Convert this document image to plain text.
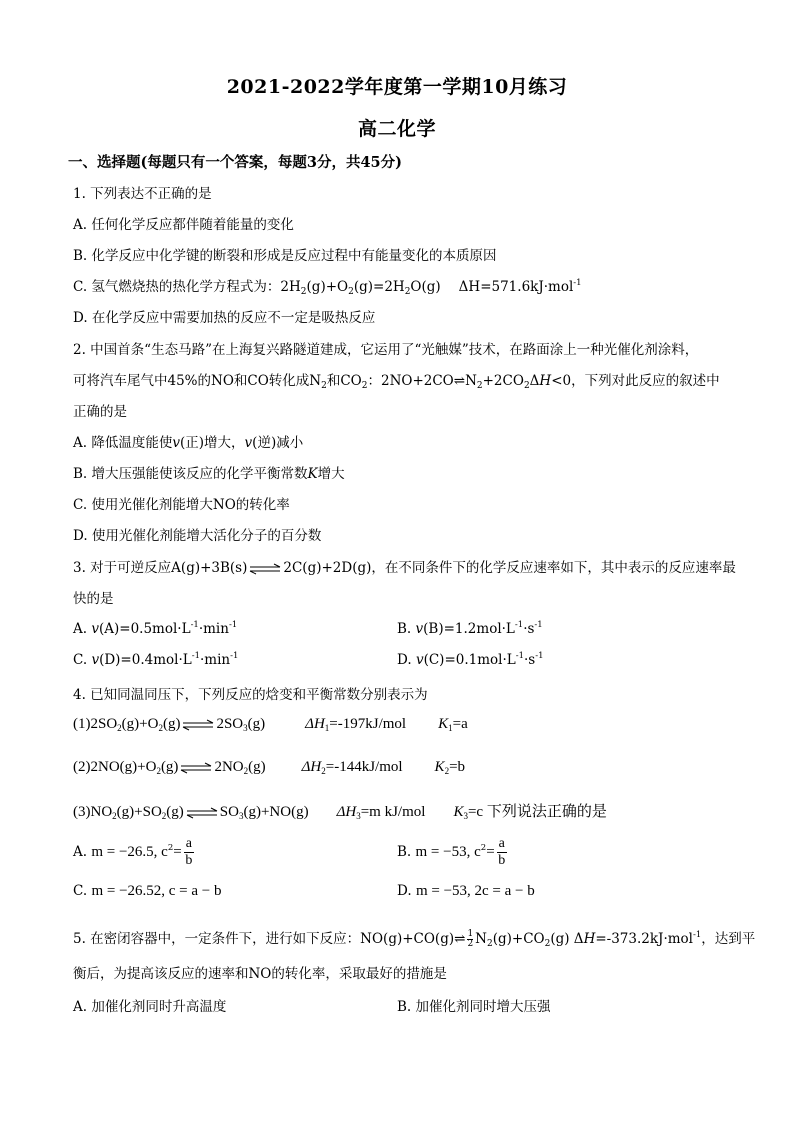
2021-2022学年度第一学期10月练习
高二化学
一、选择题(每题只有一个答案，每题3分，共45分)
1. 下列表达不正确的是
A. 任何化学反应都伴随着能量的变化
B. 化学反应中化学键的断裂和形成是反应过程中有能量变化的本质原因
C. 氢气燃烧热的热化学方程式为：$2H_2(g)+O_2(g)=2H_2O(g)$ ΔH=571.6kJ·mol$^{-1}$
D. 在化学反应中需要加热的反应不一定是吸热反应
2. 中国首条“生态马路”在上海复兴路隧道建成，它运用了“光触媒”技术，在路面涂上一种光催化剂涂料，
可将汽车尾气中45%的NO和CO转化成$N_2$和$CO_2$：$2NO+2CO\rightleftharpoons N_2+2CO_2\Delta H<0$，下列对此反应的叙述中
正确的是
A. 降低温度能使v(正)增大，v(逆)减小
B. 增大压强能使该反应的化学平衡常数K增大
C. 使用光催化剂能增大NO的转化率
D. 使用光催化剂能增大活化分子的百分数
3. 对于可逆反应A(g)+3B(s) ⇌ 2C(g)+2D(g)，在不同条件下的化学反应速率如下，其中表示的反应速率最
快的是
A. $v(A)=0.5mol\cdot L^{-1}\cdot\min^{-1}$	B. $v(B)=1.2mol\cdot L^{-1}\cdot s^{-1}$
C. $v(D)=0.4mol\cdot L^{-1}\cdot\min^{-1}$	D. $v(C)=0.1mol\cdot L^{-1}\cdot s^{-1}$
4. 已知同温同压下，下列反应的焓变和平衡常数分别表示为
$(1)2SO_2(g)+O_2(g)$ ⇌ $2SO_3(g)$	$\Delta H_1=-197kJ$/mol $K_1=a$
$(2)2NO(g)+O_2(g)$ ⇌ $2NO_2(g)$ $\Delta H_2=-144kJ$/mol $K_2=b$
$(3)NO_2(g)+SO_2(g)$ ⇌ $SO_3(g)+NO(g)$ $\Delta H_3=m$ kJ/mol $K_3=c$ 下列说法正确的是
A. m = −26.5, $c^2= \frac{a}{b}$	B. m = −53, $c^2= \frac{a}{b}$
C. m = −26.52, c = a − b	D. m = −53, 2c = a − b
5. 在密闭容器中，一定条件下，进行如下反应：NO(g)+CO(g)⇌ $\frac{1}{2} N_2(g)+CO_2(g)$ ΔH=-373.2kJ·mol$^{-1}$，达到平
衡后，为提高该反应的速率和NO的转化率，采取最好的措施是
A. 加催化剂同时升高温度	B. 加催化剂同时增大压强
